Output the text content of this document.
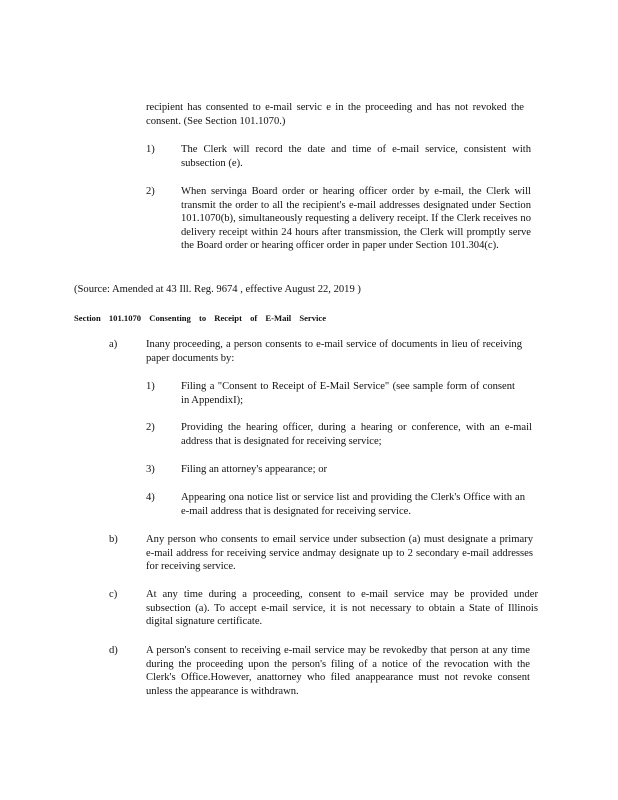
recipient has consented to e-mail servic e in the proceeding and has not revoked the consent. (See Section 101.1070.)
1) The Clerk will record the date and time of e-mail service, consistent with subsection (e).
2) When servinga Board order or hearing officer order by e-mail, the Clerk will transmit the order to all the recipient's e-mail addresses designated under Section 101.1070(b), simultaneously requesting a delivery receipt. If the Clerk receives no delivery receipt within 24 hours after transmission, the Clerk will promptly serve the Board order or hearing officer order in paper under Section 101.304(c).
(Source: Amended at 43 Ill. Reg. 9674 , effective August 22, 2019 )
Section 101.1070 Consenting to Receipt of E-Mail Service
a)	Inany proceeding, a person consents to e-mail service of documents in lieu of receiving paper documents by:
1) Filing a "Consent to Receipt of E-Mail Service" (see sample form of consent in AppendixI);
2) Providing the hearing officer, during a hearing or conference, with an e-mail address that is designated for receiving service;
3) Filing an attorney's appearance; or
4) Appearing ona notice list or service list and providing the Clerk's Office with an e-mail address that is designated for receiving service.
b)	Any person who consents to email service under subsection (a) must designate a primary e-mail address for receiving service andmay designate up to 2 secondary e-mail addresses for receiving service.
c)	At any time during a proceeding, consent to e-mail service may be provided under subsection (a). To accept e-mail service, it is not necessary to obtain a State of Illinois digital signature certificate.
d)	A person's consent to receiving e-mail service may be revokedby that person at any time during the proceeding upon the person's filing of a notice of the revocation with the Clerk's Office.However, anattorney who filed anappearance must not revoke consent unless the appearance is withdrawn.
